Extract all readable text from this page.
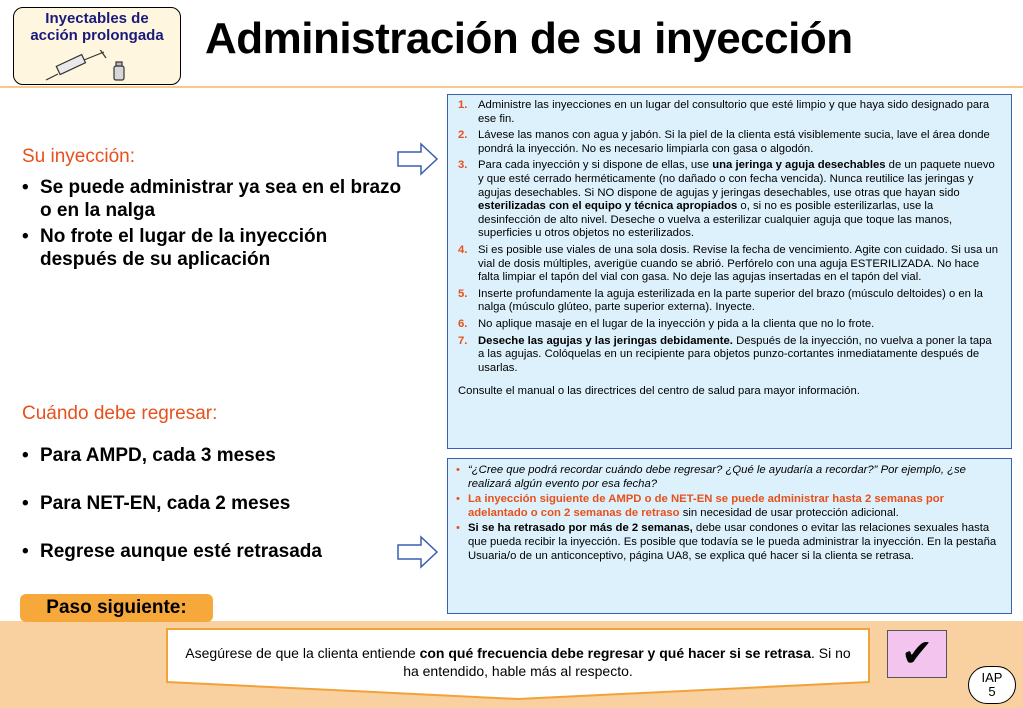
Inyectables de
acción prolongada Administración de su inyección
Su inyección:
• Se puede administrar ya sea en el brazo o en la nalga
• No frote el lugar de la inyección después de su aplicación
Cuándo debe regresar:
• Para AMPD, cada 3 meses
• Para NET-EN, cada 2 meses
• Regrese aunque esté retrasada
1. Administre las inyecciones en un lugar del consultorio que esté limpio y que haya sido designado para ese fin.
2. Lávese las manos con agua y jabón. Si la piel de la clienta está visiblemente sucia, lave el área donde pondrá la inyección. No es necesario limpiarla con gasa o algodón.
3. Para cada inyección y si dispone de ellas, use una jeringa y aguja desechables de un paquete nuevo y que esté cerrado herméticamente (no dañado o con fecha vencida). Nunca reutilice las jeringas y agujas desechables. Si NO dispone de agujas y jeringas desechables, use otras que hayan sido esterilizadas con el equipo y técnica apropiados o, si no es posible esterilizarlas, use la desinfección de alto nivel. Deseche o vuelva a esterilizar cualquier aguja que toque las manos, superficies u otros objetos no esterilizados.
4. Si es posible use viales de una sola dosis. Revise la fecha de vencimiento. Agite con cuidado. Si usa un vial de dosis múltiples, averigüe cuando se abrió. Perfórelo con una aguja ESTERILIZADA. No hace falta limpiar el tapón del vial con gasa. No deje las agujas insertadas en el tapón del vial.
5. Inserte profundamente la aguja esterilizada en la parte superior del brazo (músculo deltoides) o en la nalga (músculo glúteo, parte superior externa). Inyecte.
6. No aplique masaje en el lugar de la inyección y pida a la clienta que no lo frote.
7. Deseche las agujas y las jeringas debidamente. Después de la inyección, no vuelva a poner la tapa a las agujas. Colóquelas en un recipiente para objetos punzo-cortantes inmediatamente después de usarlas.
Consulte el manual o las directrices del centro de salud para mayor información.
• “¿Cree que podrá recordar cuándo debe regresar? ¿Qué le ayudaría a recordar?” Por ejemplo, ¿se realizará algún evento por esa fecha?
• La inyección siguiente de AMPD o de NET-EN se puede administrar hasta 2 semanas por adelantado o con 2 semanas de retraso sin necesidad de usar protección adicional.
• Si se ha retrasado por más de 2 semanas, debe usar condones o evitar las relaciones sexuales hasta que pueda recibir la inyección. Es posible que todavía se le pueda administrar la inyección. En la pestaña Usuaria/o de un anticonceptivo, página UA8, se explica qué hacer si la clienta se retrasa.
Paso siguiente:
Asegúrese de que la clienta entiende con qué frecuencia debe regresar y qué hacer si se retrasa. Si no ha entendido, hable más al respecto.	✔
IAP
5
